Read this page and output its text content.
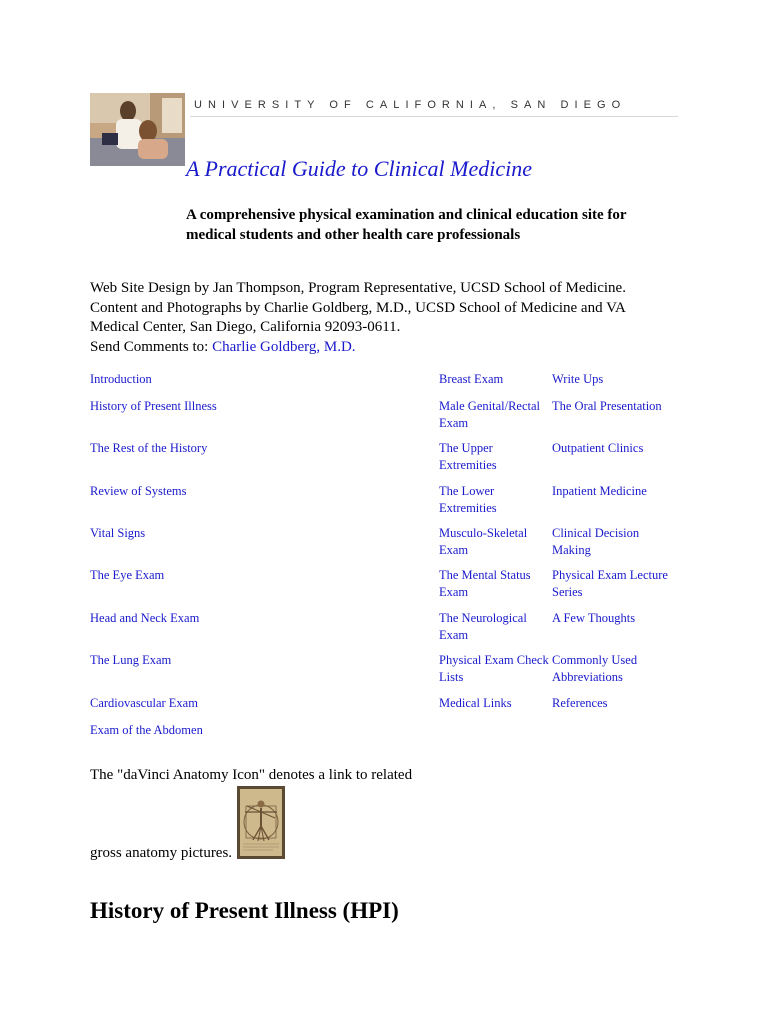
UNIVERSITY OF CALIFORNIA, SAN DIEGO
A Practical Guide to Clinical Medicine
A comprehensive physical examination and clinical education site for medical students and other health care professionals
Web Site Design by Jan Thompson, Program Representative, UCSD School of Medicine.
Content and Photographs by Charlie Goldberg, M.D., UCSD School of Medicine and VA
Medical Center, San Diego, California 92093-0611.
Send Comments to: Charlie Goldberg, M.D.
Introduction
History of Present Illness
The Rest of the History
Review of Systems
Vital Signs
The Eye Exam
Head and Neck Exam
The Lung Exam
Cardiovascular Exam
Exam of the Abdomen
Breast Exam
Male Genital/Rectal
Exam
The Upper
Extremities
The Lower
Extremities
Musculo-Skeletal
Exam
The Mental Status
Exam
The Neurological
Exam
Physical Exam Check
Lists
Medical Links
Write Ups
The Oral Presentation
Outpatient Clinics
Inpatient Medicine
Clinical Decision
Making
Physical Exam Lecture
Series
A Few Thoughts
Commonly Used
Abbreviations
References
The "daVinci Anatomy Icon" denotes a link to related
gross anatomy pictures.
History of Present Illness (HPI)
